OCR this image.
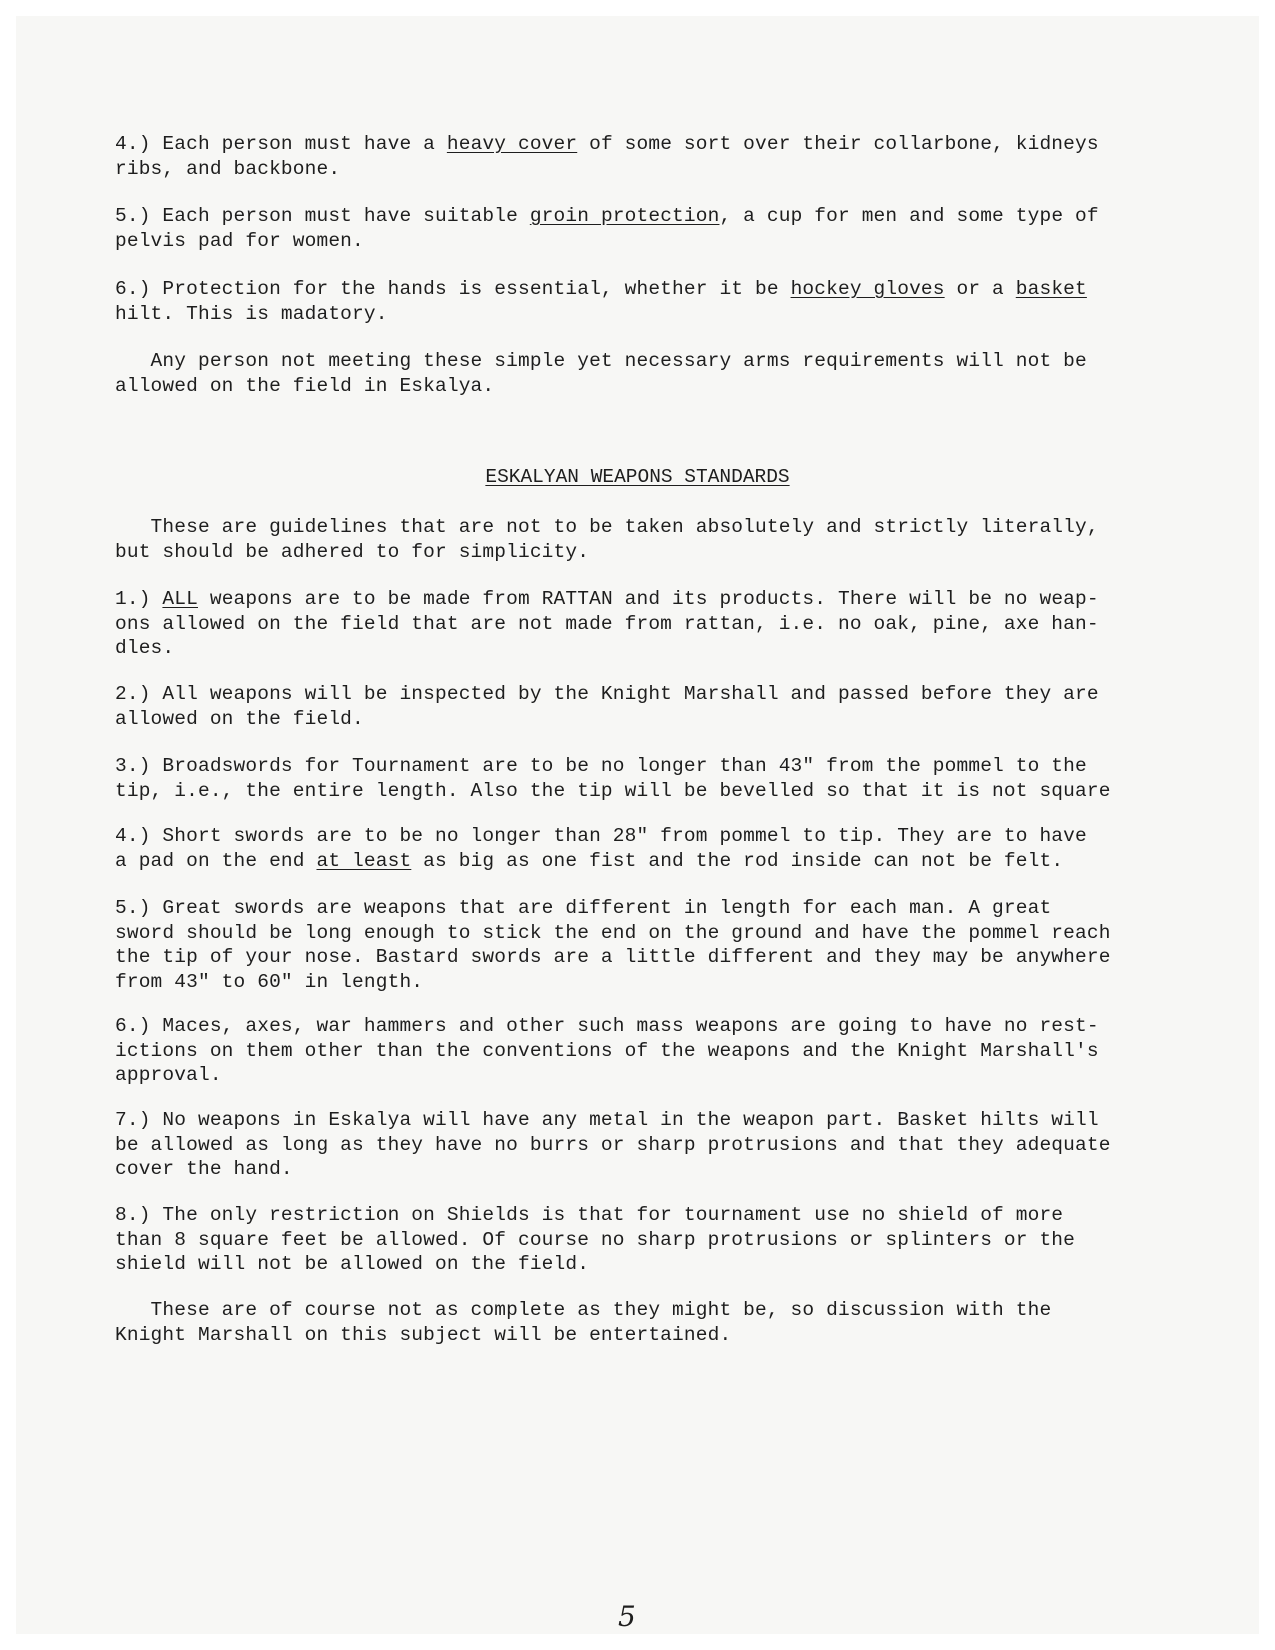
4.) Each person must have a heavy cover of some sort over their collarbone, kidneys
ribs, and backbone.

5.) Each person must have suitable groin protection, a cup for men and some type of
pelvis pad for women.

6.) Protection for the hands is essential, whether it be hockey gloves or a basket
hilt. This is madatory.

Any person not meeting these simple yet necessary arms requirements will not be
allowed on the field in Eskalya.

ESKALYAN WEAPONS STANDARDS

These are guidelines that are not to be taken absolutely and strictly literally,
but should be adhered to for simplicity.

1.) ALL weapons are to be made from RATTAN and its products. There will be no weap-
ons allowed on the field that are not made from rattan, i.e. no oak, pine, axe han-
dles.

2.) All weapons will be inspected by the Knight Marshall and passed before they are
allowed on the field.

3.) Broadswords for Tournament are to be no longer than 43" from the pommel to the
tip, i.e., the entire length. Also the tip will be bevelled so that it is not square

4.) Short swords are to be no longer than 28" from pommel to tip. They are to have
a pad on the end at least as big as one fist and the rod inside can not be felt.

5.) Great swords are weapons that are different in length for each man. A great
sword should be long enough to stick the end on the ground and have the pommel reach
the tip of your nose. Bastard swords are a little different and they may be anywhere
from 43" to 60" in length.

6.) Maces, axes, war hammers and other such mass weapons are going to have no rest-
ictions on them other than the conventions of the weapons and the Knight Marshall's
approval.

7.) No weapons in Eskalya will have any metal in the weapon part. Basket hilts will
be allowed as long as they have no burrs or sharp protrusions and that they adequate
cover the hand.

8.) The only restriction on Shields is that for tournament use no shield of more
than 8 square feet be allowed. Of course no sharp protrusions or splinters or the
shield will not be allowed on the field.

These are of course not as complete as they might be, so discussion with the
Knight Marshall on this subject will be entertained.

5
